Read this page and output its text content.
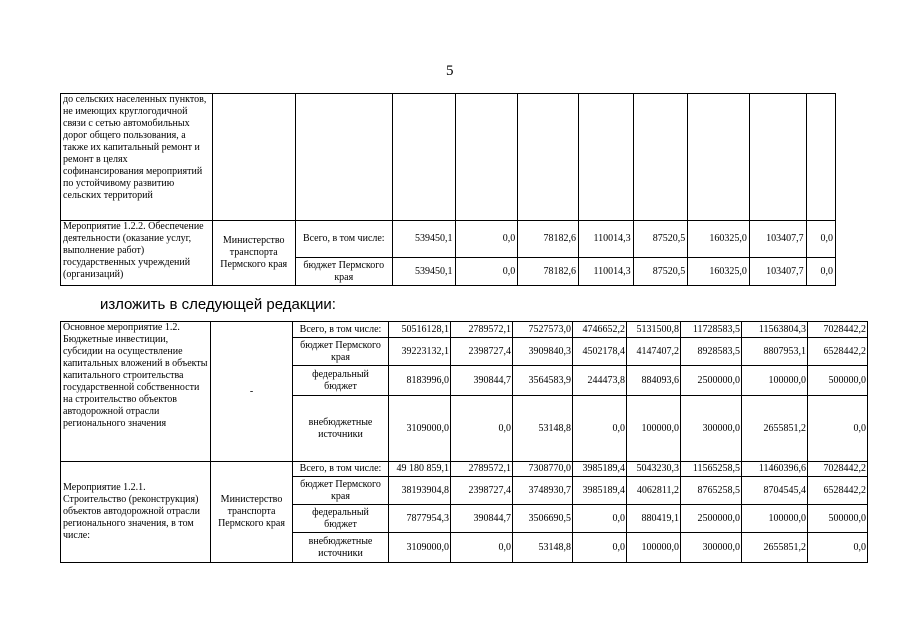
5
до сельских населенных пунктов, не имеющих круглогодичной связи с сетью автомобильных дорог общего пользования, а также их капитальный ремонт и ремонт в целях софинансирования мероприятий по устойчивому развитию сельских территорий										
Мероприятие 1.2.2. Обеспечение деятельности (оказание услуг, выполнение работ) государственных учреждений (организаций)	Министерство транспорта Пермского края	Всего, в том числе:	539450,1	0,0	78182,6	110014,3	87520,5	160325,0	103407,7	0,0
		бюджет Пермского края	539450,1	0,0	78182,6	110014,3	87520,5	160325,0	103407,7	0,0
изложить в следующей редакции:
Основное мероприятие 1.2. Бюджетные инвестиции, субсидии на осуществление капитальных вложений в объекты капитального строительства государственной собственности на строительство объектов автодорожной отрасли регионального значения	-	Всего, в том числе:	50516128,1	2789572,1	7527573,0	4746652,2	5131500,8	11728583,5	11563804,3	7028442,2
		бюджет Пермского края	39223132,1	2398727,4	3909840,3	4502178,4	4147407,2	8928583,5	8807953,1	6528442,2
		федеральный бюджет	8183996,0	390844,7	3564583,9	244473,8	884093,6	2500000,0	100000,0	500000,0
		внебюджетные источники	3109000,0	0,0	53148,8	0,0	100000,0	300000,0	2655851,2	0,0
Мероприятие 1.2.1. Строительство (реконструкция) объектов автодорожной отрасли регионального значения, в том числе:	Министерство транспорта Пермского края	Всего, в том числе:	49 180 859,1	2789572,1	7308770,0	3985189,4	5043230,3	11565258,5	11460396,6	7028442,2
		бюджет Пермского края	38193904,8	2398727,4	3748930,7	3985189,4	4062811,2	8765258,5	8704545,4	6528442,2
		федеральный бюджет	7877954,3	390844,7	3506690,5	0,0	880419,1	2500000,0	100000,0	500000,0
		внебюджетные источники	3109000,0	0,0	53148,8	0,0	100000,0	300000,0	2655851,2	0,0
